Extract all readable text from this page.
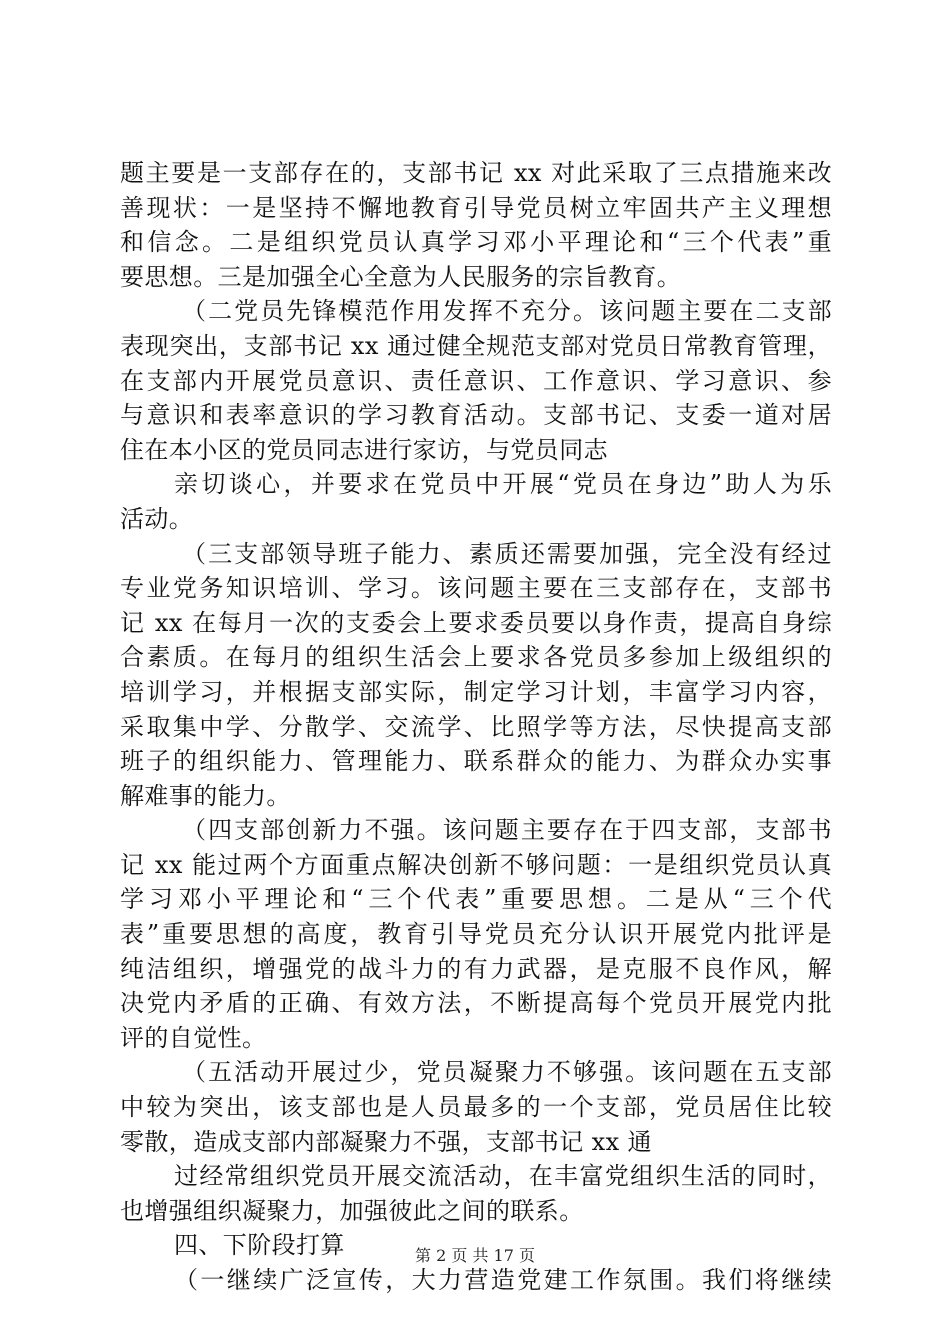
题主要是一支部存在的，支部书记 xx 对此采取了三点措施来改
善现状：一是坚持不懈地教育引导党员树立牢固共产主义理想
和信念。二是组织党员认真学习邓小平理论和“三个代表”重
要思想。三是加强全心全意为人民服务的宗旨教育。
（二党员先锋模范作用发挥不充分。该问题主要在二支部
表现突出，支部书记 xx 通过健全规范支部对党员日常教育管理，
在支部内开展党员意识、责任意识、工作意识、学习意识、参
与意识和表率意识的学习教育活动。支部书记、支委一道对居
住在本小区的党员同志进行家访，与党员同志
亲切谈心，并要求在党员中开展“党员在身边”助人为乐
活动。
（三支部领导班子能力、素质还需要加强，完全没有经过
专业党务知识培训、学习。该问题主要在三支部存在，支部书
记 xx 在每月一次的支委会上要求委员要以身作责，提高自身综
合素质。在每月的组织生活会上要求各党员多参加上级组织的
培训学习，并根据支部实际，制定学习计划，丰富学习内容，
采取集中学、分散学、交流学、比照学等方法，尽快提高支部
班子的组织能力、管理能力、联系群众的能力、为群众办实事
解难事的能力。
（四支部创新力不强。该问题主要存在于四支部，支部书
记 xx 能过两个方面重点解决创新不够问题：一是组织党员认真
学习邓小平理论和“三个代表”重要思想。二是从“三个代
表”重要思想的高度，教育引导党员充分认识开展党内批评是
纯洁组织，增强党的战斗力的有力武器，是克服不良作风，解
决党内矛盾的正确、有效方法，不断提高每个党员开展党内批
评的自觉性。
（五活动开展过少，党员凝聚力不够强。该问题在五支部
中较为突出，该支部也是人员最多的一个支部，党员居住比较
零散，造成支部内部凝聚力不强，支部书记 xx 通
过经常组织党员开展交流活动，在丰富党组织生活的同时，
也增强组织凝聚力，加强彼此之间的联系。
四、下阶段打算
（一继续广泛宣传，大力营造党建工作氛围。我们将继续
第 2 页 共 17 页
